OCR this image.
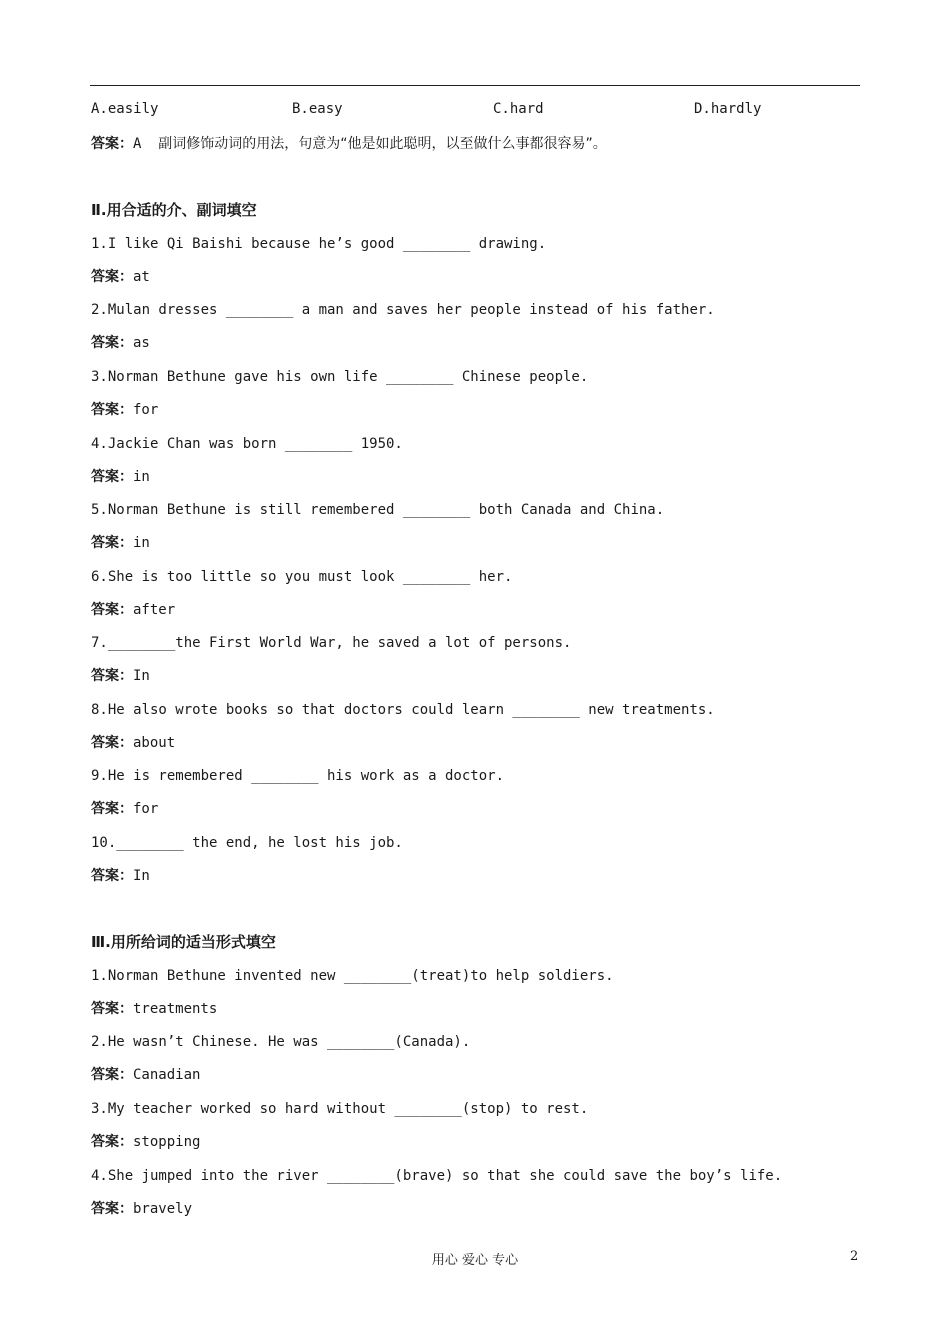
A.easily	B.easy	C.hard	D.hardly
答案：A 副词修饰动词的用法，句意为“他是如此聪明，以至做什么事都很容易”。
Ⅱ.用合适的介、副词填空
1.I like Qi Baishi because he’s good ________ drawing.
答案：at
2.Mulan dresses ________ a man and saves her people instead of his father.
答案：as
3.Norman Bethune gave his own life ________ Chinese people.
答案：for
4.Jackie Chan was born ________ 1950.
答案：in
5.Norman Bethune is still remembered ________ both Canada and China.
答案：in
6.She is too little so you must look ________ her.
答案：after
7.________the First World War, he saved a lot of persons.
答案：In
8.He also wrote books so that doctors could learn ________ new treatments.
答案：about
9.He is remembered ________ his work as a doctor.
答案：for
10.________ the end, he lost his job.
答案：In
Ⅲ.用所给词的适当形式填空
1.Norman Bethune invented new ________(treat)to help soldiers.
答案：treatments
2.He wasn’t Chinese. He was ________(Canada).
答案：Canadian
3.My teacher worked so hard without ________(stop) to rest.
答案：stopping
4.She jumped into the river ________(brave) so that she could save the boy’s life.
答案：bravely
用心 爱心 专心	2
